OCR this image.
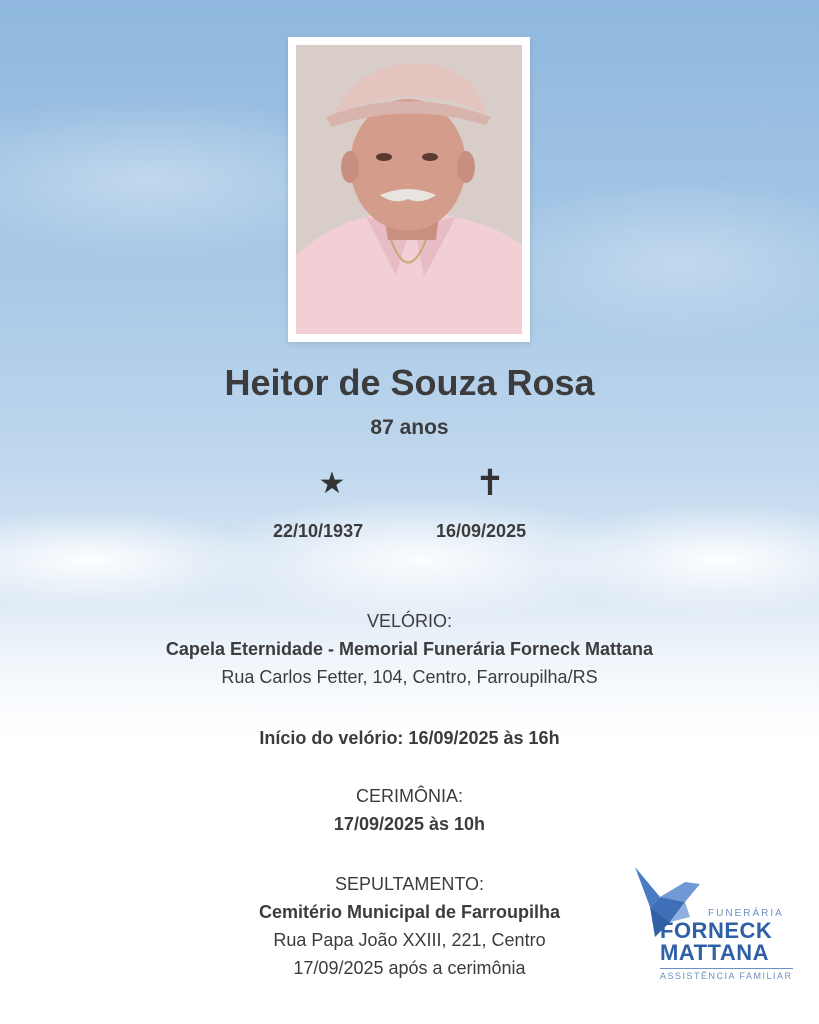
Heitor de Souza Rosa
87 anos
★	✝
22/10/1937	16/09/2025
VELÓRIO:
Capela Eternidade - Memorial Funerária Forneck Mattana
Rua Carlos Fetter, 104, Centro, Farroupilha/RS
Início do velório: 16/09/2025 às 16h
CERIMÔNIA:
17/09/2025 às 10h
SEPULTAMENTO:
Cemitério Municipal de Farroupilha
Rua Papa João XXIII, 221, Centro
17/09/2025 após a cerimônia
FUNERÁRIA
FORNECK
MATTANA
ASSISTÊNCIA FAMILIAR
